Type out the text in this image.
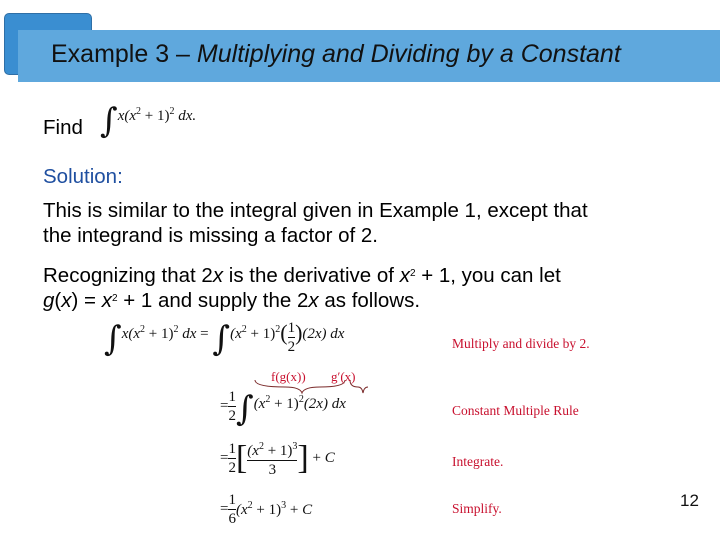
Example 3 – Multiplying and Dividing by a Constant
Find $\int x(x^2 + 1)^2$ dx.
Solution:
This is similar to the integral given in Example 1, except that
the integrand is missing a factor of 2.
Recognizing that 2x is the derivative of $x^2 + 1$, you can let
$g(x) = x^2 + 1$ and supply the 2x as follows.
$\int x(x^2 + 1)^2$ dx = $\int(x^2 + 1)^2( \frac{1}{2} )(2x)$ dx
Multiply and divide by 2.
f(g(x)) g′(x)
= $\frac{1}{2} \int(x^2 + 1)^2(2x)$ dx	Constant Multiple Rule
= $\frac{1}{2}$ [ $\frac{(x^2 + 1)^3}{3}$ ] + C	Integrate.
= $\frac{1}{6} (x^2 + 1)^3 + C$	Simplify.	12
